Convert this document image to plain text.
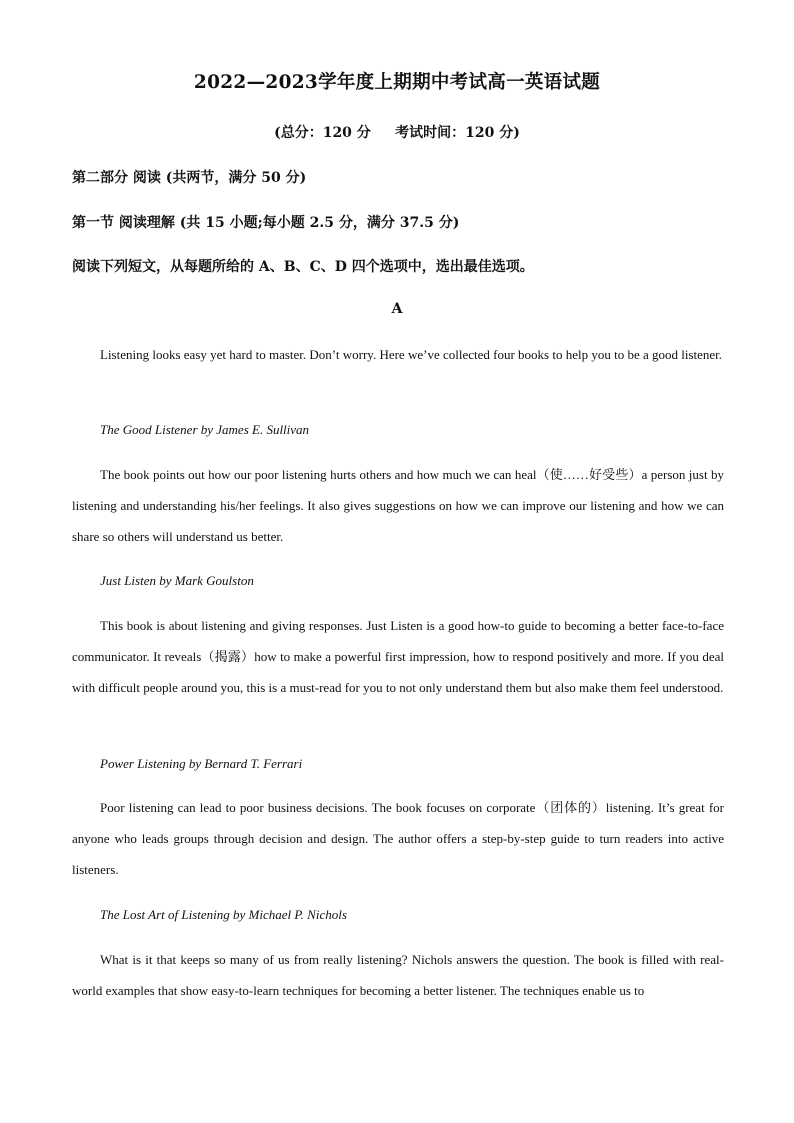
2022—2023学年度上期期中考试高一英语试题
(总分：120 分     考试时间：120 分)
第二部分 阅读 (共两节，满分 50 分)
第一节 阅读理解 (共 15 小题;每小题 2.5 分，满分 37.5 分)
阅读下列短文，从每题所给的 A、B、C、D 四个选项中，选出最佳选项。
A

Listening looks easy yet hard to master. Don’t worry. Here we’ve collected four books to help you to be a good listener.

The Good Listener by James E. Sullivan

The book points out how our poor listening hurts others and how much we can heal（使……好受些）a person just by listening and understanding his/her feelings. It also gives suggestions on how we can improve our listening and how we can share so others will understand us better.

Just Listen by Mark Goulston

This book is about listening and giving responses. Just Listen is a good how-to guide to becoming a better face-to-face communicator. It reveals（揭露）how to make a powerful first impression, how to respond positively and more. If you deal with difficult people around you, this is a must-read for you to not only understand them but also make them feel understood.

Power Listening by Bernard T. Ferrari

Poor listening can lead to poor business decisions. The book focuses on corporate（团体的）listening. It’s great for anyone who leads groups through decision and design. The author offers a step-by-step guide to turn readers into active listeners.

The Lost Art of Listening by Michael P. Nichols

What is it that keeps so many of us from really listening? Nichols answers the question. The book is filled with real-world examples that show easy-to-learn techniques for becoming a better listener. The techniques enable us to
